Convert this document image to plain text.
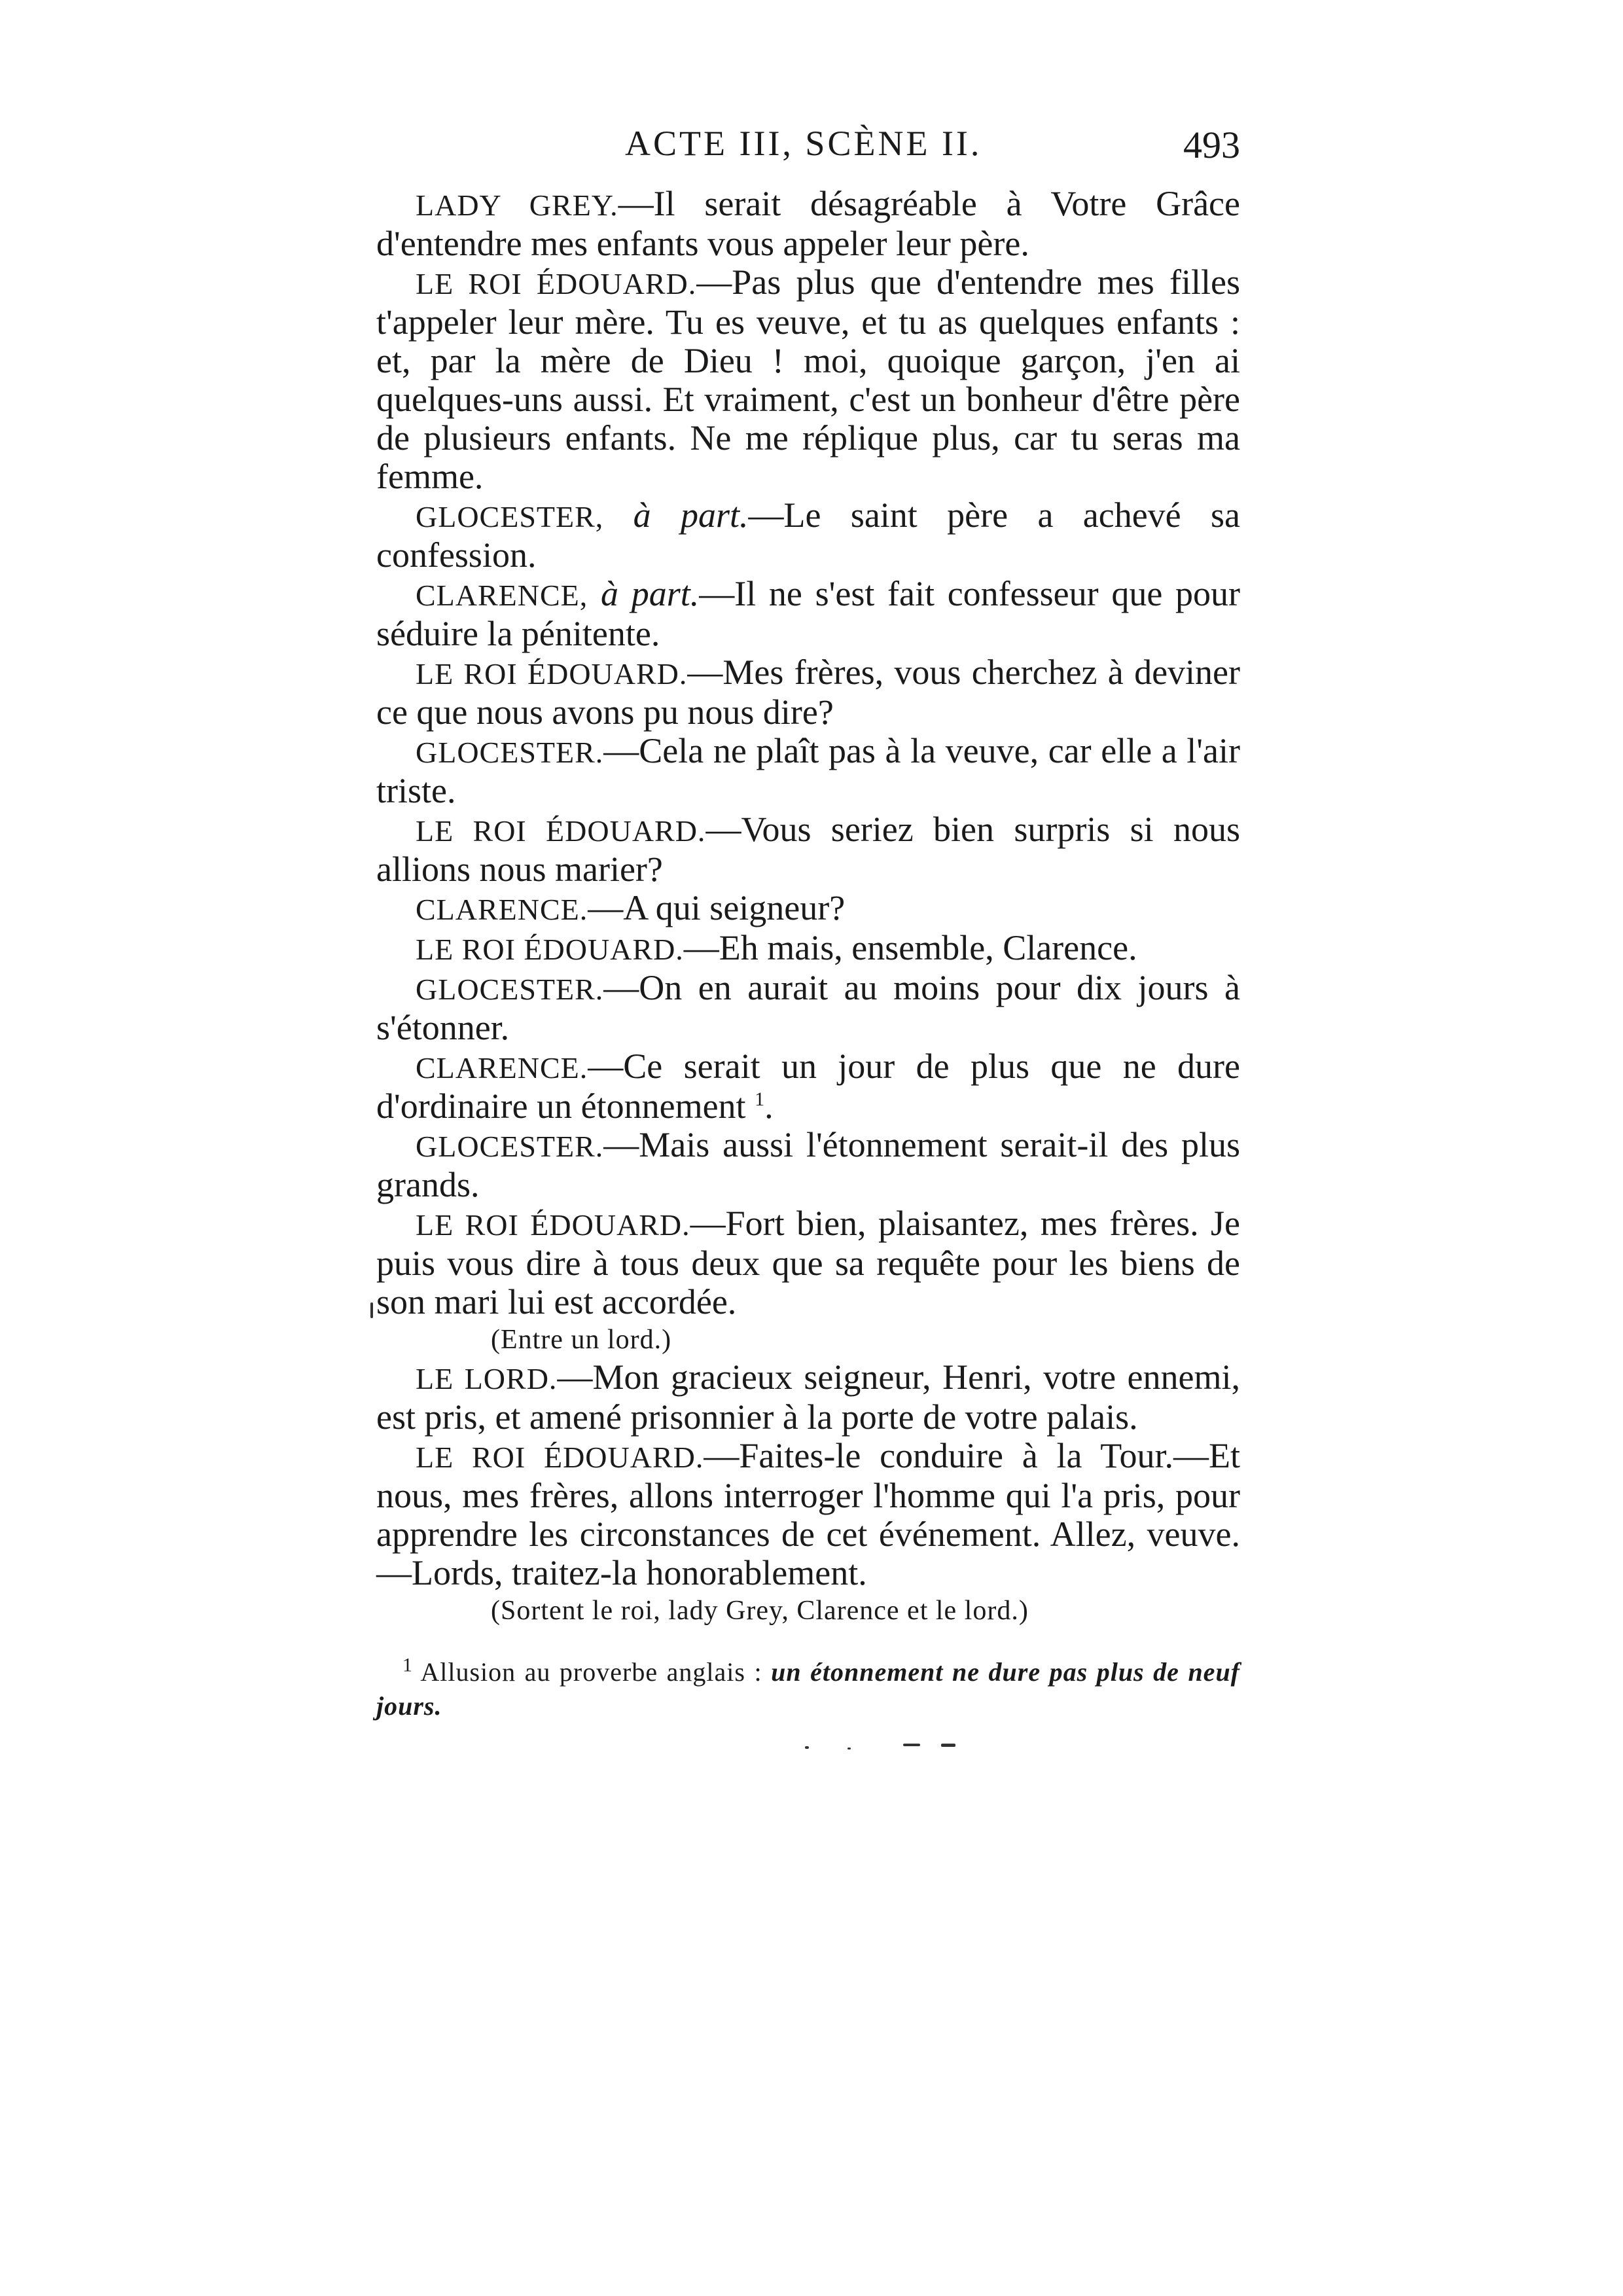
ACTE III, SCÈNE II.	493

LADY GREY.—Il serait désagréable à Votre Grâce d'entendre mes enfants vous appeler leur père.

LE ROI ÉDOUARD.—Pas plus que d'entendre mes filles t'appeler leur mère. Tu es veuve, et tu as quelques enfants : et, par la mère de Dieu ! moi, quoique garçon, j'en ai quelques-uns aussi. Et vraiment, c'est un bonheur d'être père de plusieurs enfants. Ne me réplique plus, car tu seras ma femme.

GLOCESTER, à part.—Le saint père a achevé sa confession.

CLARENCE, à part.—Il ne s'est fait confesseur que pour séduire la pénitente.

LE ROI ÉDOUARD.—Mes frères, vous cherchez à deviner ce que nous avons pu nous dire?

GLOCESTER.—Cela ne plaît pas à la veuve, car elle a l'air triste.

LE ROI ÉDOUARD.—Vous seriez bien surpris si nous allions nous marier?

CLARENCE.—A qui seigneur?

LE ROI ÉDOUARD.—Eh mais, ensemble, Clarence.

GLOCESTER.—On en aurait au moins pour dix jours à s'étonner.

CLARENCE.—Ce serait un jour de plus que ne dure d'ordinaire un étonnement $^1$.

GLOCESTER.—Mais aussi l'étonnement serait-il des plus grands.

LE ROI ÉDOUARD.—Fort bien, plaisantez, mes frères. Je puis vous dire à tous deux que sa requête pour les biens de son mari lui est accordée.

(Entre un lord.)

LE LORD.—Mon gracieux seigneur, Henri, votre ennemi, est pris, et amené prisonnier à la porte de votre palais.

LE ROI ÉDOUARD.—Faites-le conduire à la Tour.—Et nous, mes frères, allons interroger l'homme qui l'a pris, pour apprendre les circonstances de cet événement. Allez, veuve.—Lords, traitez-la honorablement.

(Sortent le roi, lady Grey, Clarence et le lord.)

$^1$ Allusion au proverbe anglais : un étonnement ne dure pas plus de neuf jours.
